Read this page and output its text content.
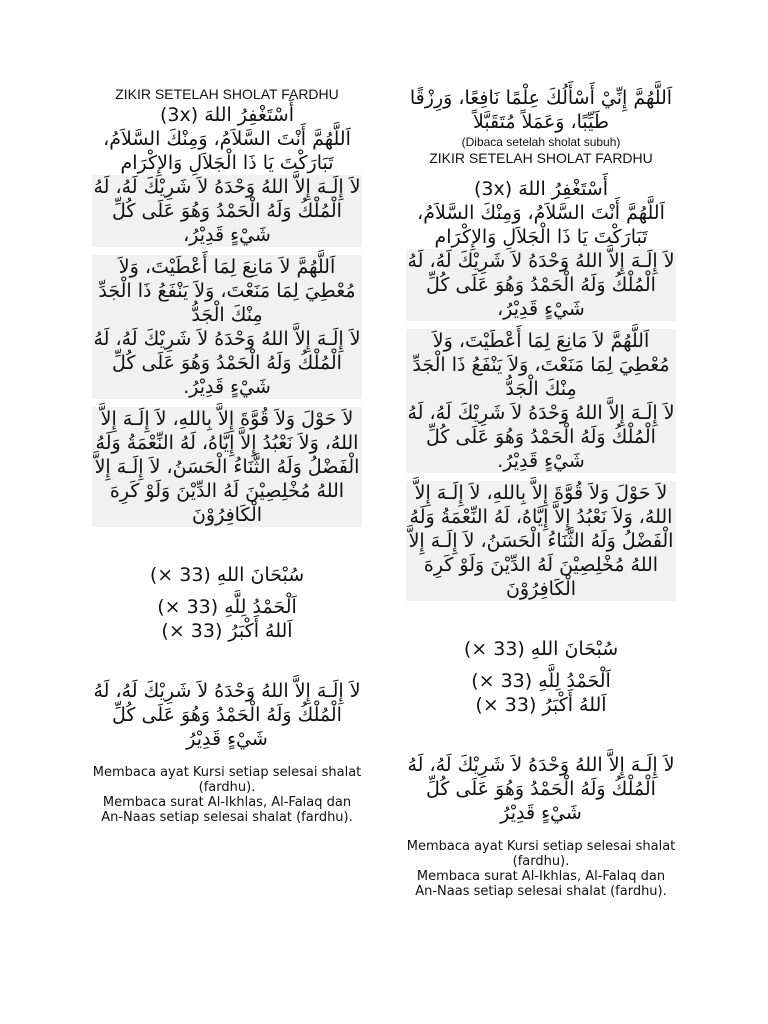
ZIKIR SETELAH SHOLAT FARDHU

أَسْتَغْفِرُ اللهَ (3x)

اَللَّهُمَّ أَنْتَ السَّلاَمُ، وَمِنْكَ السَّلاَمُ، تَبَارَكْتَ يَا ذَا الْجَلاَلِ وَالإِكْرَام

لاَ إِلَـهَ إِلاَّ اللهُ وَحْدَهُ لاَ شَرِيْكَ لَهُ، لَهُ الْمُلْكُ وَلَهُ الْحَمْدُ وَهُوَ عَلَى كُلِّ شَيْءٍ قَدِيْرُ،

اَللَّهُمَّ لاَ مَانِعَ لِمَا أَعْطَيْتَ، وَلاَ مُعْطِيَ لِمَا مَنَعْتَ، وَلاَ يَنْفَعُ ذَا الْجَدِّ مِنْكَ الْجَدُّ

لاَ إِلَـهَ إِلاَّ اللهُ وَحْدَهُ لاَ شَرِيْكَ لَهُ، لَهُ الْمُلْكُ وَلَهُ الْحَمْدُ وَهُوَ عَلَى كُلِّ شَيْءٍ قَدِيْرُ.

لاَ حَوْلَ وَلاَ قُوَّةَ إِلاَّ بِاللهِ، لاَ إِلَـهَ إِلاَّ اللهُ، وَلاَ نَعْبُدُ إِلاَّ إِيَّاهُ، لَهُ النِّعْمَةُ وَلَهُ الْفَضْلُ وَلَهُ الثَّنَاءُ الْحَسَنُ، لاَ إِلَـهَ إِلاَّ اللهُ مُخْلِصِيْنَ لَهُ الدِّيْنَ وَلَوْ كَرِهَ الْكَافِرُوْنَ

سُبْحَانَ اللهِ (33 ×)

اَلْحَمْدُ لِلَّهِ (33 ×)

اَللهُ أَكْبَرُ (33 ×)

لاَ إِلَـهَ إِلاَّ اللهُ وَحْدَهُ لاَ شَرِيْكَ لَهُ، لَهُ الْمُلْكُ وَلَهُ الْحَمْدُ وَهُوَ عَلَى كُلِّ شَيْءٍ قَدِيْرُ

Membaca ayat Kursi setiap selesai shalat (fardhu).

Membaca surat Al-Ikhlas, Al-Falaq dan An-Naas setiap selesai shalat (fardhu).

اَللَّهُمَّ إِنِّيْ أَسْأَلُكَ عِلْمًا نَافِعًا، وَرِزْقًا طَيِّبًا، وَعَمَلاً مُتَقَبَّلاً

(Dibaca setelah sholat subuh)

ZIKIR SETELAH SHOLAT FARDHU

أَسْتَغْفِرُ اللهَ (3x)

اَللَّهُمَّ أَنْتَ السَّلاَمُ، وَمِنْكَ السَّلاَمُ، تَبَارَكْتَ يَا ذَا الْجَلاَلِ وَالإِكْرَام

لاَ إِلَـهَ إِلاَّ اللهُ وَحْدَهُ لاَ شَرِيْكَ لَهُ، لَهُ الْمُلْكُ وَلَهُ الْحَمْدُ وَهُوَ عَلَى كُلِّ شَيْءٍ قَدِيْرُ،

اَللَّهُمَّ لاَ مَانِعَ لِمَا أَعْطَيْتَ، وَلاَ مُعْطِيَ لِمَا مَنَعْتَ، وَلاَ يَنْفَعُ ذَا الْجَدِّ مِنْكَ الْجَدُّ

لاَ إِلَـهَ إِلاَّ اللهُ وَحْدَهُ لاَ شَرِيْكَ لَهُ، لَهُ الْمُلْكُ وَلَهُ الْحَمْدُ وَهُوَ عَلَى كُلِّ شَيْءٍ قَدِيْرُ.

لاَ حَوْلَ وَلاَ قُوَّةَ إِلاَّ بِاللهِ، لاَ إِلَـهَ إِلاَّ اللهُ، وَلاَ نَعْبُدُ إِلاَّ إِيَّاهُ، لَهُ النِّعْمَةُ وَلَهُ الْفَضْلُ وَلَهُ الثَّنَاءُ الْحَسَنُ، لاَ إِلَـهَ إِلاَّ اللهُ مُخْلِصِيْنَ لَهُ الدِّيْنَ وَلَوْ كَرِهَ الْكَافِرُوْنَ

سُبْحَانَ اللهِ (33 ×)

اَلْحَمْدُ لِلَّهِ (33 ×)

اَللهُ أَكْبَرُ (33 ×)

لاَ إِلَـهَ إِلاَّ اللهُ وَحْدَهُ لاَ شَرِيْكَ لَهُ، لَهُ الْمُلْكُ وَلَهُ الْحَمْدُ وَهُوَ عَلَى كُلِّ شَيْءٍ قَدِيْرُ

Membaca ayat Kursi setiap selesai shalat (fardhu).

Membaca surat Al-Ikhlas, Al-Falaq dan An-Naas setiap selesai shalat (fardhu).
